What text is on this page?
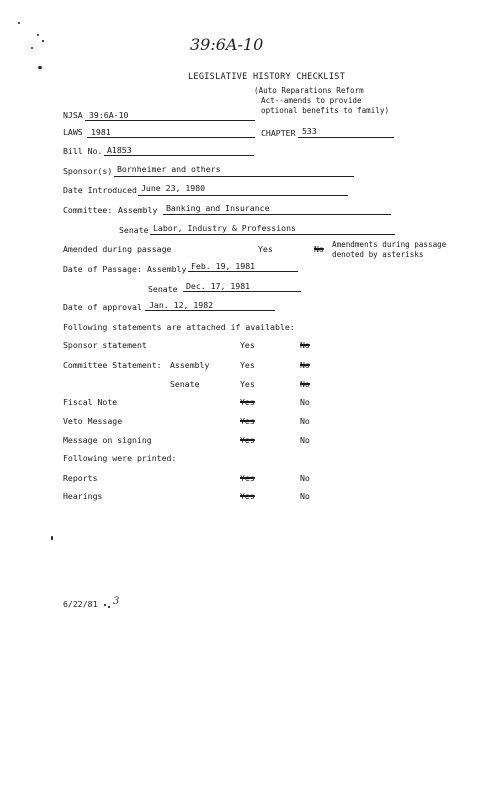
39:6A-10
LEGISLATIVE HISTORY CHECKLIST
(Auto Reparations Reform
Act--amends to provide
optional benefits to family)
NJSA 39:6A-10
LAWS 1981	CHAPTER 533
Bill No. A1853
Sponsor(s) Bornheimer and others
Date Introduced June 23, 1980
Committee: Assembly Banking and Insurance
Senate Labor, Industry & Professions
Amended during passage	Yes	No Amendments during passage
denoted by asterisks
Date of Passage: Assembly Feb. 19, 1981
Senate Dec. 17, 1981
Date of approval Jan. 12, 1982
Following statements are attached if available:
Sponsor statement	Yes	No
Committee Statement: Assembly	Yes	No
Senate	Yes	No
Fiscal Note	Yes	No
Veto Message	Yes	No
Message on signing	Yes	No
Following were printed:
Reports	Yes	No
Hearings	Yes	No
6/22/81 3
